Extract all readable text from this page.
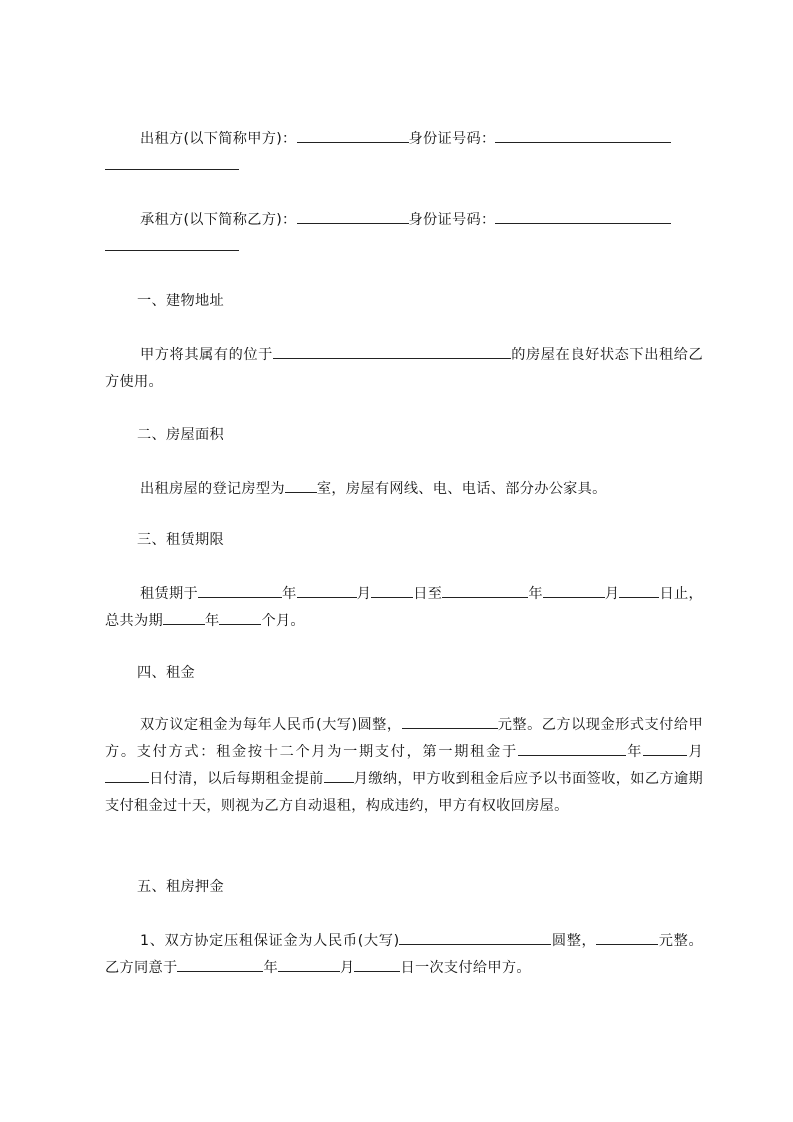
出租方(以下简称甲方)：	身份证号码：

承租方(以下简称乙方)：	身份证号码：

一、建物地址
甲方将其属有的位于	的房屋在良好状态下出租给乙方使用。
二、房屋面积
出租房屋的登记房型为 室，房屋有网线、电、电话、部分办公家具。
三、租赁期限
租赁期于	年	月	日至	年	月	日止，总共为期	年	个月。
四、租金
双方议定租金为每年人民币(大写)圆整，	元整。乙方以现金形式支付给甲方。支付方式：租金按十二个月为一期支付，第一期租金于	年	月日付清，以后每期租金提前 月缴纳，甲方收到租金后应予以书面签收，如乙方逾期支付租金过十天，则视为乙方自动退租，构成违约，甲方有权收回房屋。
五、租房押金
1、双方协定压租保证金为人民币(大写)	圆整，	元整。乙方同意于	年	月	日一次支付给甲方。
